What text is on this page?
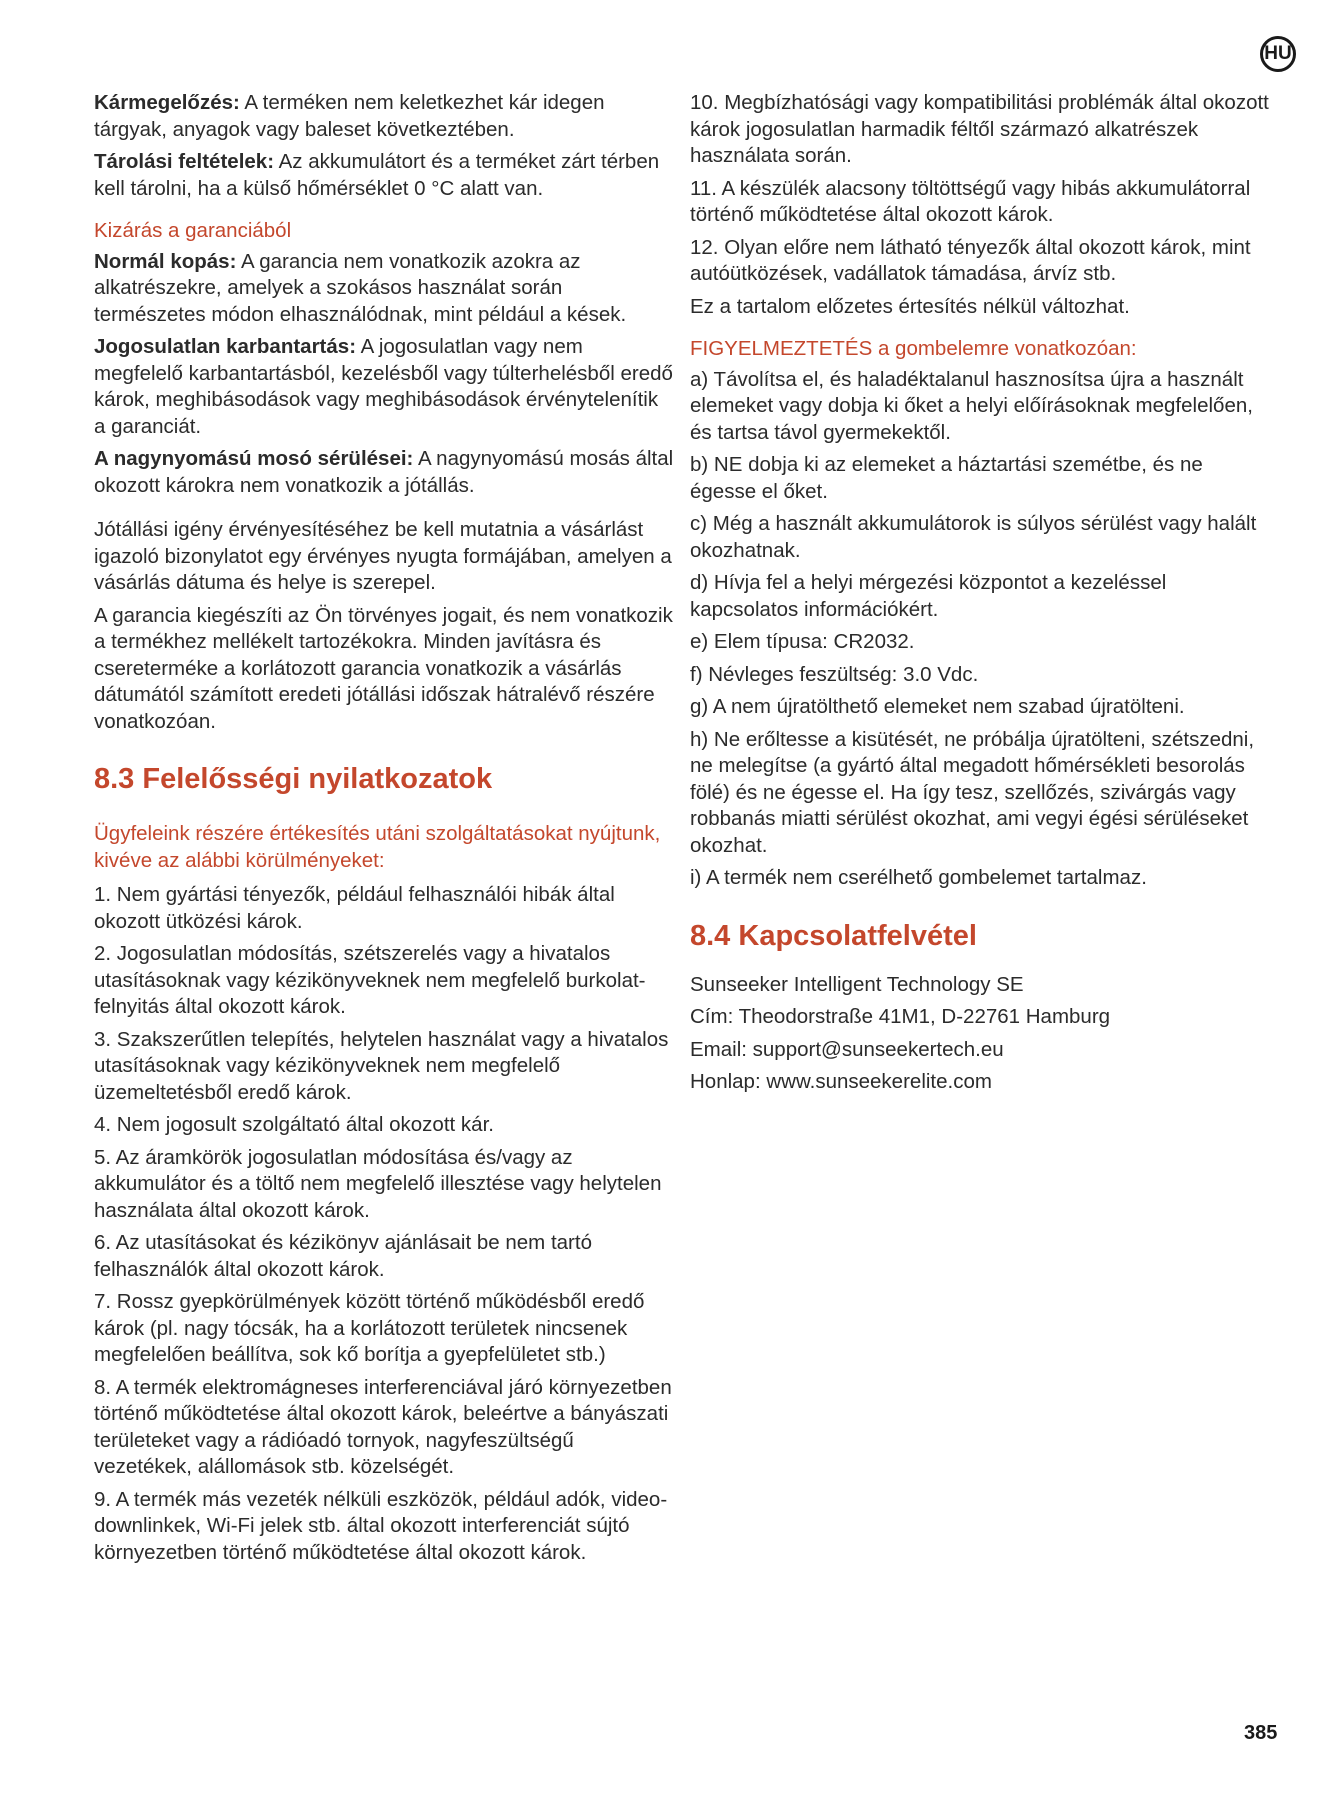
HU

Kármegelőzés: A terméken nem keletkezhet kár idegen tárgyak, anyagok vagy baleset következtében.

Tárolási feltételek: Az akkumulátort és a terméket zárt térben kell tárolni, ha a külső hőmérséklet 0 °C alatt van.

Kizárás a garanciából

Normál kopás: A garancia nem vonatkozik azokra az alkatrészekre, amelyek a szokásos használat során természetes módon elhasználódnak, mint például a kések.

Jogosulatlan karbantartás: A jogosulatlan vagy nem megfelelő karbantartásból, kezelésből vagy túlterhelésből eredő károk, meghibásodások vagy meghibásodások érvénytelenítik a garanciát.

A nagynyomású mosó sérülései: A nagynyomású mosás által okozott károkra nem vonatkozik a jótállás.

Jótállási igény érvényesítéséhez be kell mutatnia a vásárlást igazoló bizonylatot egy érvényes nyugta formájában, amelyen a vásárlás dátuma és helye is szerepel.

A garancia kiegészíti az Ön törvényes jogait, és nem vonatkozik a termékhez mellékelt tartozékokra. Minden javításra és csereterméke a korlátozott garancia vonatkozik a vásárlás dátumától számított eredeti jótállási időszak hátralévő részére vonatkozóan.

8.3 Felelősségi nyilatkozatok

Ügyfeleink részére értékesítés utáni szolgáltatásokat nyújtunk, kivéve az alábbi körülményeket:

1. Nem gyártási tényezők, például felhasználói hibák által okozott ütközési károk.

2. Jogosulatlan módosítás, szétszerelés vagy a hivatalos utasításoknak vagy kézikönyveknek nem megfelelő burkolat-felnyitás által okozott károk.

3. Szakszerűtlen telepítés, helytelen használat vagy a hivatalos utasításoknak vagy kézikönyveknek nem megfelelő üzemeltetésből eredő károk.

4. Nem jogosult szolgáltató által okozott kár.

5. Az áramkörök jogosulatlan módosítása és/vagy az akkumulátor és a töltő nem megfelelő illesztése vagy helytelen használata által okozott károk.

6. Az utasításokat és kézikönyv ajánlásait be nem tartó felhasználók által okozott károk.

7. Rossz gyepkörülmények között történő működésből eredő károk (pl. nagy tócsák, ha a korlátozott területek nincsenek megfelelően beállítva, sok kő borítja a gyepfelületet stb.)

8. A termék elektromágneses interferenciával járó környezetben történő működtetése által okozott károk, beleértve a bányászati területeket vagy a rádióadó tornyok, nagyfeszültségű vezetékek, alállomások stb. közelségét.

9. A termék más vezeték nélküli eszközök, például adók, video-downlinkek, Wi-Fi jelek stb. által okozott interferenciát sújtó környezetben történő működtetése által okozott károk.

10. Megbízhatósági vagy kompatibilitási problémák által okozott károk jogosulatlan harmadik féltől származó alkatrészek használata során.

11. A készülék alacsony töltöttségű vagy hibás akkumulátorral történő működtetése által okozott károk.

12. Olyan előre nem látható tényezők által okozott károk, mint autóütközések, vadállatok támadása, árvíz stb.

Ez a tartalom előzetes értesítés nélkül változhat.

FIGYELMEZTETÉS a gombelemre vonatkozóan:

a) Távolítsa el, és haladéktalanul hasznosítsa újra a használt elemeket vagy dobja ki őket a helyi előírásoknak megfelelően, és tartsa távol gyermekektől.

b) NE dobja ki az elemeket a háztartási szemétbe, és ne égesse el őket.

c) Még a használt akkumulátorok is súlyos sérülést vagy halált okozhatnak.

d) Hívja fel a helyi mérgezési központot a kezeléssel kapcsolatos információkért.

e) Elem típusa: CR2032.

f) Névleges feszültség: 3.0 Vdc.

g) A nem újratölthető elemeket nem szabad újratölteni.

h) Ne erőltesse a kisütését, ne próbálja újratölteni, szétszedni, ne melegítse (a gyártó által megadott hőmérsékleti besorolás fölé) és ne égesse el. Ha így tesz, szellőzés, szivárgás vagy robbanás miatti sérülést okozhat, ami vegyi égési sérüléseket okozhat.

i) A termék nem cserélhető gombelemet tartalmaz.

8.4 Kapcsolatfelvétel

Sunseeker Intelligent Technology SE

Cím: Theodorstraße 41M1, D-22761 Hamburg

Email: support@sunseekertech.eu

Honlap: www.sunseekerelite.com

385
